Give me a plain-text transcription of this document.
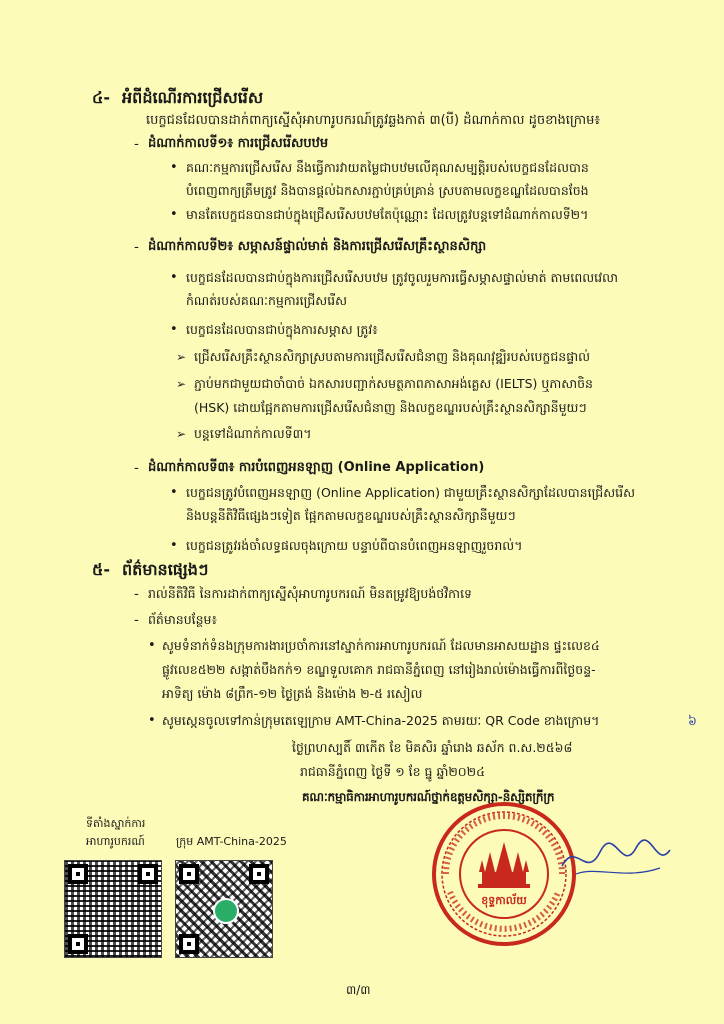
៤- អំពីដំណើរការជ្រើសរើស
បេក្ខជនដែលបានដាក់ពាក្យស្នើសុំអាហារូបករណ៍ត្រូវឆ្លងកាត់ ៣(បី) ដំណាក់កាល ដូចខាងក្រោម៖
- ដំណាក់កាលទី១៖ ការជ្រើសរើសបឋម
• គណៈកម្មការជ្រើសរើស នឹងធ្វើការវាយតម្លៃជាបឋមលើគុណសម្បត្តិរបស់បេក្ខជនដែលបាន
បំពេញពាក្យត្រឹមត្រូវ និងបានផ្តល់ឯកសារភ្ជាប់គ្រប់គ្រាន់ ស្របតាមលក្ខខណ្ឌដែលបានចែង
• មានតែបេក្ខជនបានជាប់ក្នុងជ្រើសរើសបឋមតែប៉ុណ្ណោះ ដែលត្រូវបន្តទៅដំណាក់កាលទី២។
- ដំណាក់កាលទី២៖ សម្ភាសន៍ផ្ទាល់មាត់ និងការជ្រើសរើសគ្រឹះស្ថានសិក្សា
• បេក្ខជនដែលបានជាប់ក្នុងការជ្រើសរើសបឋម ត្រូវចូលរួមការធ្វើសម្ភាសផ្ទាល់មាត់ តាមពេលវេលា
កំណត់របស់គណៈកម្មការជ្រើសរើស
• បេក្ខជនដែលបានជាប់ក្នុងការសម្ភាស ត្រូវ៖
➢ ជ្រើសរើសគ្រឹះស្ថានសិក្សាស្របតាមការជ្រើសរើសជំនាញ និងគុណវុឌ្ឍិរបស់បេក្ខជនផ្ទាល់
➢ ភ្ជាប់មកជាមួយជាចាំបាច់ ឯកសារបញ្ជាក់សមត្ថភាពភាសាអង់គ្លេស (IELTS) ឬភាសាចិន
(HSK) ដោយផ្អែកតាមការជ្រើសរើសជំនាញ និងលក្ខខណ្ឌរបស់គ្រឹះស្ថានសិក្សានីមួយៗ
➢ បន្តទៅដំណាក់កាលទី៣។
- ដំណាក់កាលទី៣៖ ការបំពេញអនឡាញ (Online Application)
• បេក្ខជនត្រូវបំពេញអនឡាញ (Online Application) ជាមួយគ្រឹះស្ថានសិក្សាដែលបានជ្រើសរើស
និងបន្តនីតិវិធីផ្សេងៗទៀត ផ្អែកតាមលក្ខខណ្ឌរបស់គ្រឹះស្ថានសិក្សានីមួយៗ
• បេក្ខជនត្រូវរង់ចាំលទ្ធផលចុងក្រោយ បន្ទាប់ពីបានបំពេញអនឡាញរួចរាល់។
៥- ព័ត៌មានផ្សេងៗ
- រាល់នីតិវិធី នៃការដាក់ពាក្យស្នើសុំអាហារូបករណ៍ មិនតម្រូវឱ្យបង់ថវិកាទេ
- ព័ត៌មានបន្ថែម៖
• សូមទំនាក់ទំនងក្រុមការងារប្រចាំការនៅស្នាក់ការអាហារូបករណ៍ ដែលមានអាសយដ្ឋាន ផ្ទះលេខ៤
ផ្លូវលេខ៥២២ សង្កាត់បឹងកក់១ ខណ្ឌទួលគោក រាជធានីភ្នំពេញ នៅរៀងរាល់ម៉ោងធ្វើការពីថ្ងៃចន្ទ-
អាទិត្យ ម៉ោង ៨ព្រឹក-១២ ថ្ងៃត្រង់ និងម៉ោង ២-៥ រសៀល
• សូមស្កេនចូលទៅកាន់ក្រុមតេឡេក្រាម AMT-China-2025 តាមរយៈ QR Code ខាងក្រោម។	៦
ថ្ងៃព្រហស្បតិ៍ ៣កើត ខែ មិគសិរ ឆ្នាំរោង ឆស័ក ព.ស.២៥៦៨
រាជធានីភ្នំពេញ ថ្ងៃទី ១ ខែ ធ្នូ ឆ្នាំ២០២៤
គណៈកម្មាធិការអាហារូបករណ៍ថ្នាក់ឧត្តមសិក្សា-និស្សិតក្រីក្រ
ខុទ្ទកាល័យ
ទីតាំងស្នាក់ការ
អាហារូបករណ៍	ក្រុម AMT-China-2025
៣/៣
